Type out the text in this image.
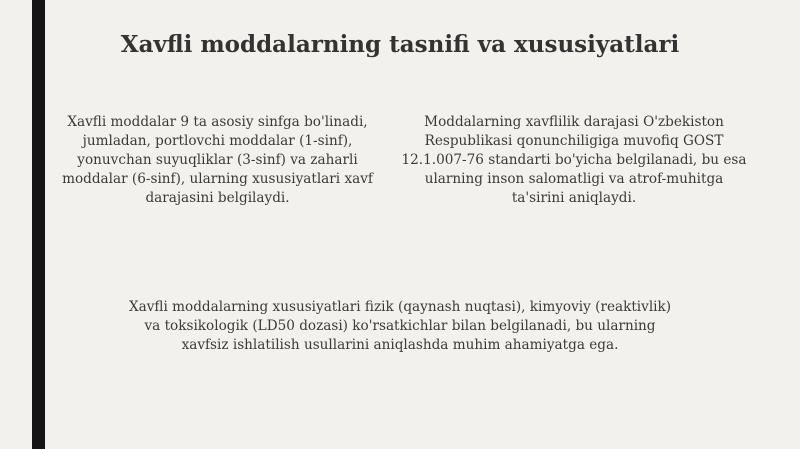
Xavfli moddalarning tasnifi va xususiyatlari

Xavfli moddalar 9 ta asosiy sinfga bo'linadi, jumladan, portlovchi moddalar (1-sinf), yonuvchan suyuqliklar (3-sinf) va zaharli moddalar (6-sinf), ularning xususiyatlari xavf darajasini belgilaydi.

Moddalarning xavflilik darajasi O'zbekiston Respublikasi qonunchiligiga muvofiq GOST 12.1.007-76 standarti bo'yicha belgilanadi, bu esa ularning inson salomatligi va atrof-muhitga ta'sirini aniqlaydi.

Xavfli moddalarning xususiyatlari fizik (qaynash nuqtasi), kimyoviy (reaktivlik) va toksikologik (LD50 dozasi) ko'rsatkichlar bilan belgilanadi, bu ularning xavfsiz ishlatilish usullarini aniqlashda muhim ahamiyatga ega.
